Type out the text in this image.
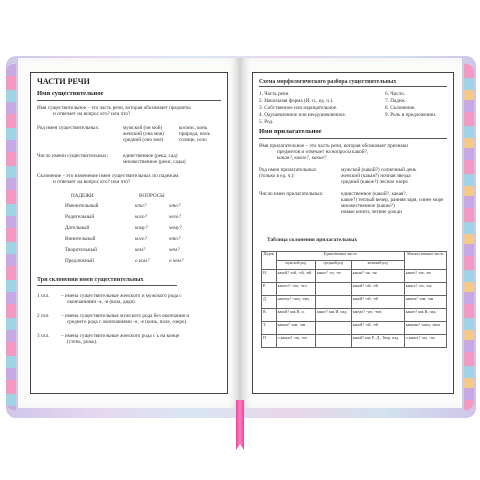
ЧАСТИ РЕЧИ
Имя существительное
Имя существительное – это часть речи, которая обозначает предметы
и отвечает на вопрос кто? или что?
Род имен существительных:	мужской (он мой)	космос, конь
женский (она моя)	природа, ночь
средний (оно мое)	солнце, село
Число имени существительных:	единственное (река, сад)
множественное (реки, сады)
Склонение – это изменение имен существительных по падежам.
и отвечает на вопрос кто? или что?
ПАДЕЖИ	ВОПРОСЫ
Именительный	кто?	что?
Родительный	кого?	чего?
Дательный	кому?	чему?
Винительный	кого?	что?
Творительный	кем?	чем?
Предложный	о ком?	о чем?
Три склонения имен существительных
1 скл. – имена существительные женского и мужского рода с
окончаниями -а, -я (ваза, дядя).
2 скл. – имена существительные мужского рода без окончания и
среднего рода с окончаниями -о, -е (конь, поле, озеро).
3 скл. – имена существительные женского рода с ь на конце
(степь, рожь).
Схема морфологического разбора существительных
1. Часть речи.
2. Начальная форма (И. п., ед. ч.).
3. Собственное или нарицательное.
4. Одушевленное или неодушевленное.
5. Род.
6. Число.
7. Падеж.
8. Склонение.
9. Роль в предложении.
Имя прилагательное
Имя прилагательное – это часть речи, которая обозначает признаки
предметов и отвечает на вопросы какой?,
какая?, какое?, какие?
Род имен прилагательных
(только в ед. ч.):
мужской (какой?) солнечный день
женский (какая?) ночная звезда
средний (какое?) лесное озеро
Число имен прилагательных:	единственное (какой?, какая?,
какое?) теплый вечер, ранняя заря, синее море
множественное (какие?)
новые книги, летние дожди
Таблица склонения прилагательных
Падеж	Единственное число			Множественное число
	мужской род	средний род	женский род	
И.	какой? -ый, -ой, -ий	какое? -ое, -ее	какая? -ая, -яя	какие? -ые, -ие
Р.	какого? -ого, -его		какой? -ой, -ей	каких? -их, -ых
Д.	какому? -ому, -ему		какой? -ой, -ей	каким? -ым, -им
В.	какой? как И. п.	какое? как И. пад.	какую? -ую, -юю	какие? как И. пад.
Т.	каким? -ым, -им		какой? -ой, -ей	какими? -ыми, -ими
П.	о каком? -ом, -ем		какой? как Р., Д., Твор. пад.	о каких? -ых, -их
